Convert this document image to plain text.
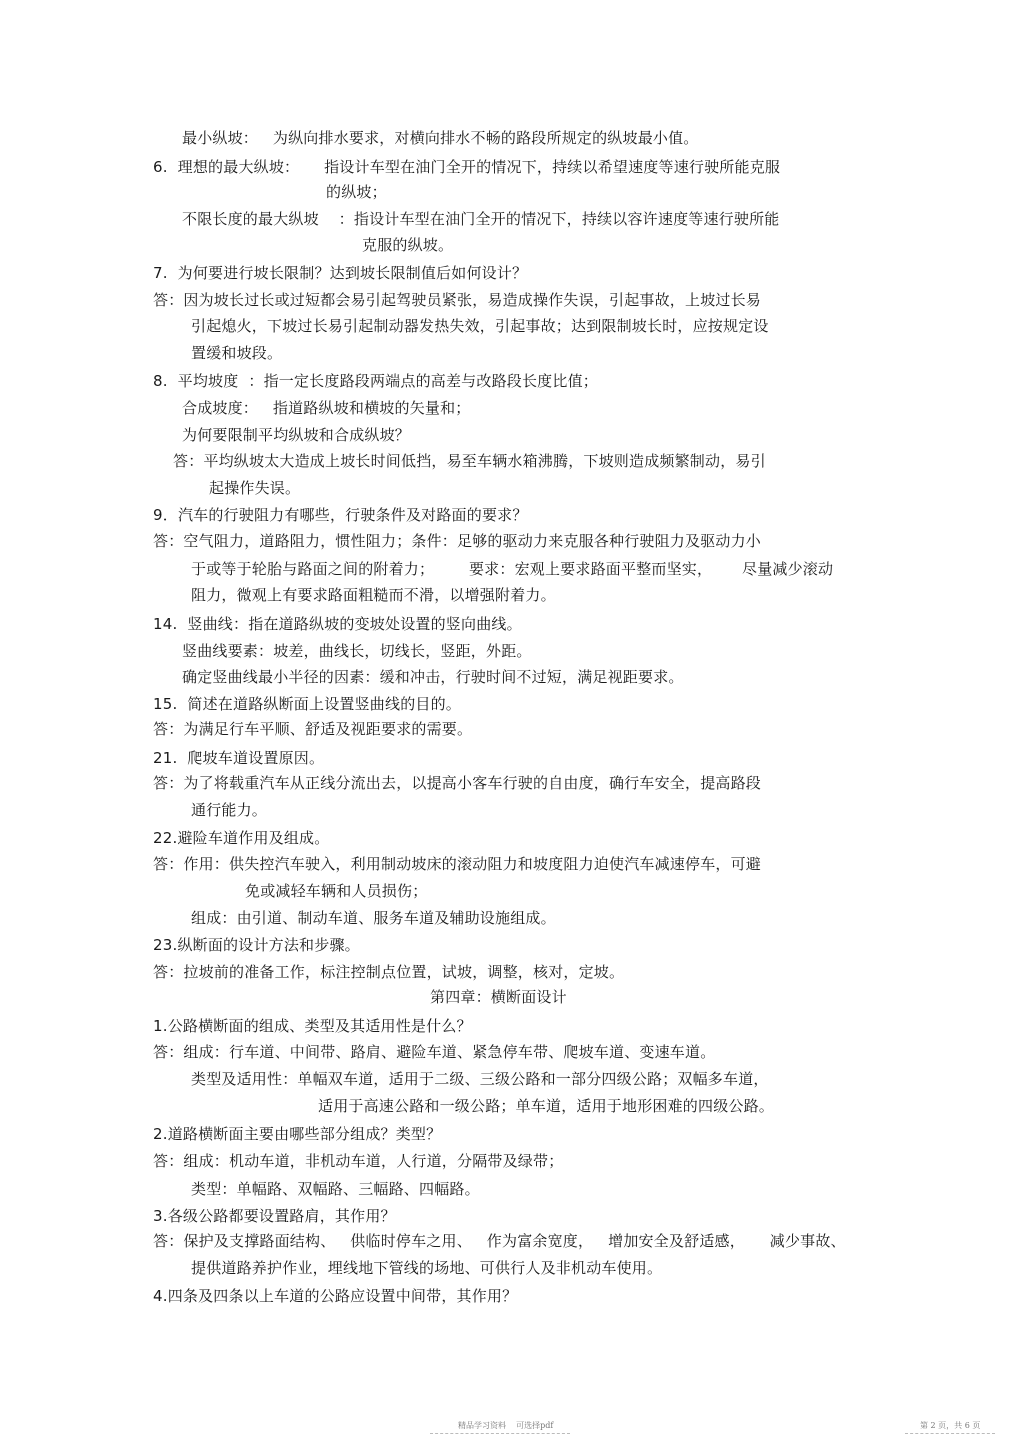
最小纵坡：   为纵向排水要求，对横向排水不畅的路段所规定的纵坡最小值。
6.  理想的最大纵坡：     指设计车型在油门全开的情况下，持续以希望速度等速行驶所能克服
的纵坡；
不限长度的最大纵坡    ：指设计车型在油门全开的情况下，持续以容许速度等速行驶所能
克服的纵坡。
7.  为何要进行坡长限制？达到坡长限制值后如何设计？
答：因为坡长过长或过短都会易引起驾驶员紧张，易造成操作失误，引起事故，上坡过长易
引起熄火，下坡过长易引起制动器发热失效，引起事故；达到限制坡长时，应按规定设
置缓和坡段。
8.  平均坡度  ：指一定长度路段两端点的高差与改路段长度比值；
合成坡度：   指道路纵坡和横坡的矢量和；
为何要限制平均纵坡和合成纵坡？
答：平均纵坡太大造成上坡长时间低挡，易至车辆水箱沸腾，下坡则造成频繁制动，易引
起操作失误。
9．汽车的行驶阻力有哪些，行驶条件及对路面的要求？
答：空气阻力，道路阻力，惯性阻力；条件：足够的驱动力来克服各种行驶阻力及驱动力小
于或等于轮胎与路面之间的附着力；       要求：宏观上要求路面平整而坚实，      尽量减少滚动
阻力，微观上有要求路面粗糙而不滑，以增强附着力。
14.  竖曲线：指在道路纵坡的变坡处设置的竖向曲线。
竖曲线要素：坡差，曲线长，切线长，竖距，外距。
确定竖曲线最小半径的因素：缓和冲击，行驶时间不过短，满足视距要求。
15.  简述在道路纵断面上设置竖曲线的目的。
答：为满足行车平顺、舒适及视距要求的需要。
21.  爬坡车道设置原因。
答：为了将载重汽车从正线分流出去，以提高小客车行驶的自由度，确行车安全，提高路段
通行能力。
22.避险车道作用及组成。
答：作用：供失控汽车驶入，利用制动坡床的滚动阻力和坡度阻力迫使汽车减速停车，可避
免或减轻车辆和人员损伤；
组成：由引道、制动车道、服务车道及辅助设施组成。
23.纵断面的设计方法和步骤。
答：拉坡前的准备工作，标注控制点位置，试坡，调整，核对，定坡。
第四章：横断面设计
1.公路横断面的组成、类型及其适用性是什么？
答：组成：行车道、中间带、路肩、避险车道、紧急停车带、爬坡车道、变速车道。
类型及适用性：单幅双车道，适用于二级、三级公路和一部分四级公路；双幅多车道，
适用于高速公路和一级公路；单车道，适用于地形困难的四级公路。
2.道路横断面主要由哪些部分组成？类型？
答：组成：机动车道，非机动车道，人行道，分隔带及绿带；
类型：单幅路、双幅路、三幅路、四幅路。
3.各级公路都要设置路肩，其作用？
答：保护及支撑路面结构、   供临时停车之用、   作为富余宽度，   增加安全及舒适感，     减少事故、
提供道路养护作业，埋线地下管线的场地、可供行人及非机动车使用。
4.四条及四条以上车道的公路应设置中间带，其作用？
精品学习资料    可选择pdf	第 2 页，共 6 页
